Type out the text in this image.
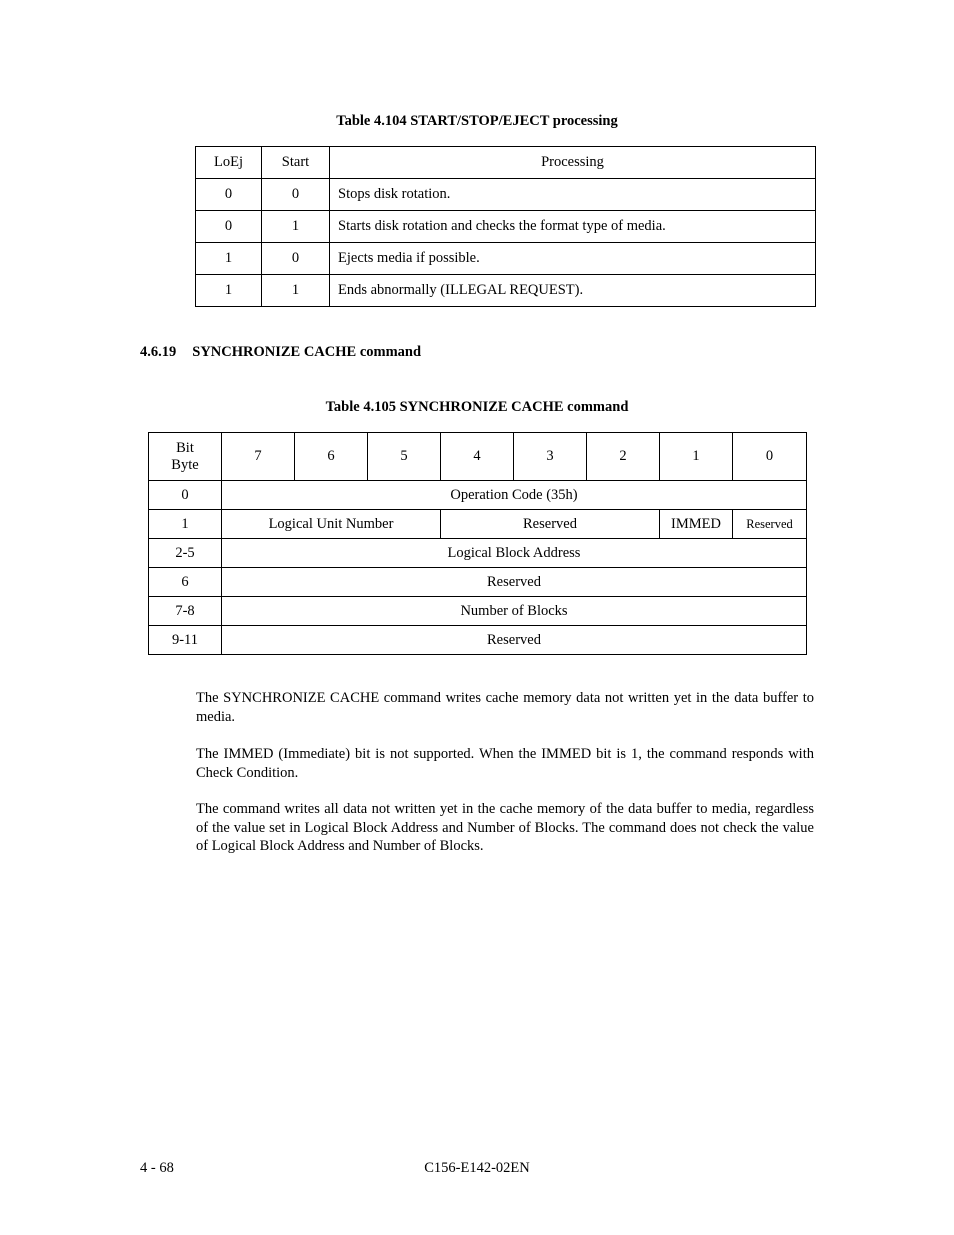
Table 4.104 START/STOP/EJECT processing
LoEj	Start	Processing
0	0	Stops disk rotation.
0	1	Starts disk rotation and checks the format type of media.
1	0	Ejects media if possible.
1	1	Ends abnormally (ILLEGAL REQUEST).
4.6.19 SYNCHRONIZE CACHE command
Table 4.105 SYNCHRONIZE CACHE command
Bit
Byte	7	6	5	4	3	2	1	0
0	Operation Code (35h)							
1	Logical Unit Number			Reserved			IMMED	Reserved
2-5	Logical Block Address							
6	Reserved							
7-8	Number of Blocks							
9-11	Reserved							

The SYNCHRONIZE CACHE command writes cache memory data not written yet in the data buffer to media.

The IMMED (Immediate) bit is not supported. When the IMMED bit is 1, the command responds with Check Condition.

The command writes all data not written yet in the cache memory of the data buffer to media, regardless of the value set in Logical Block Address and Number of Blocks. The command does not check the value of Logical Block Address and Number of Blocks.

4 - 68	C156-E142-02EN
